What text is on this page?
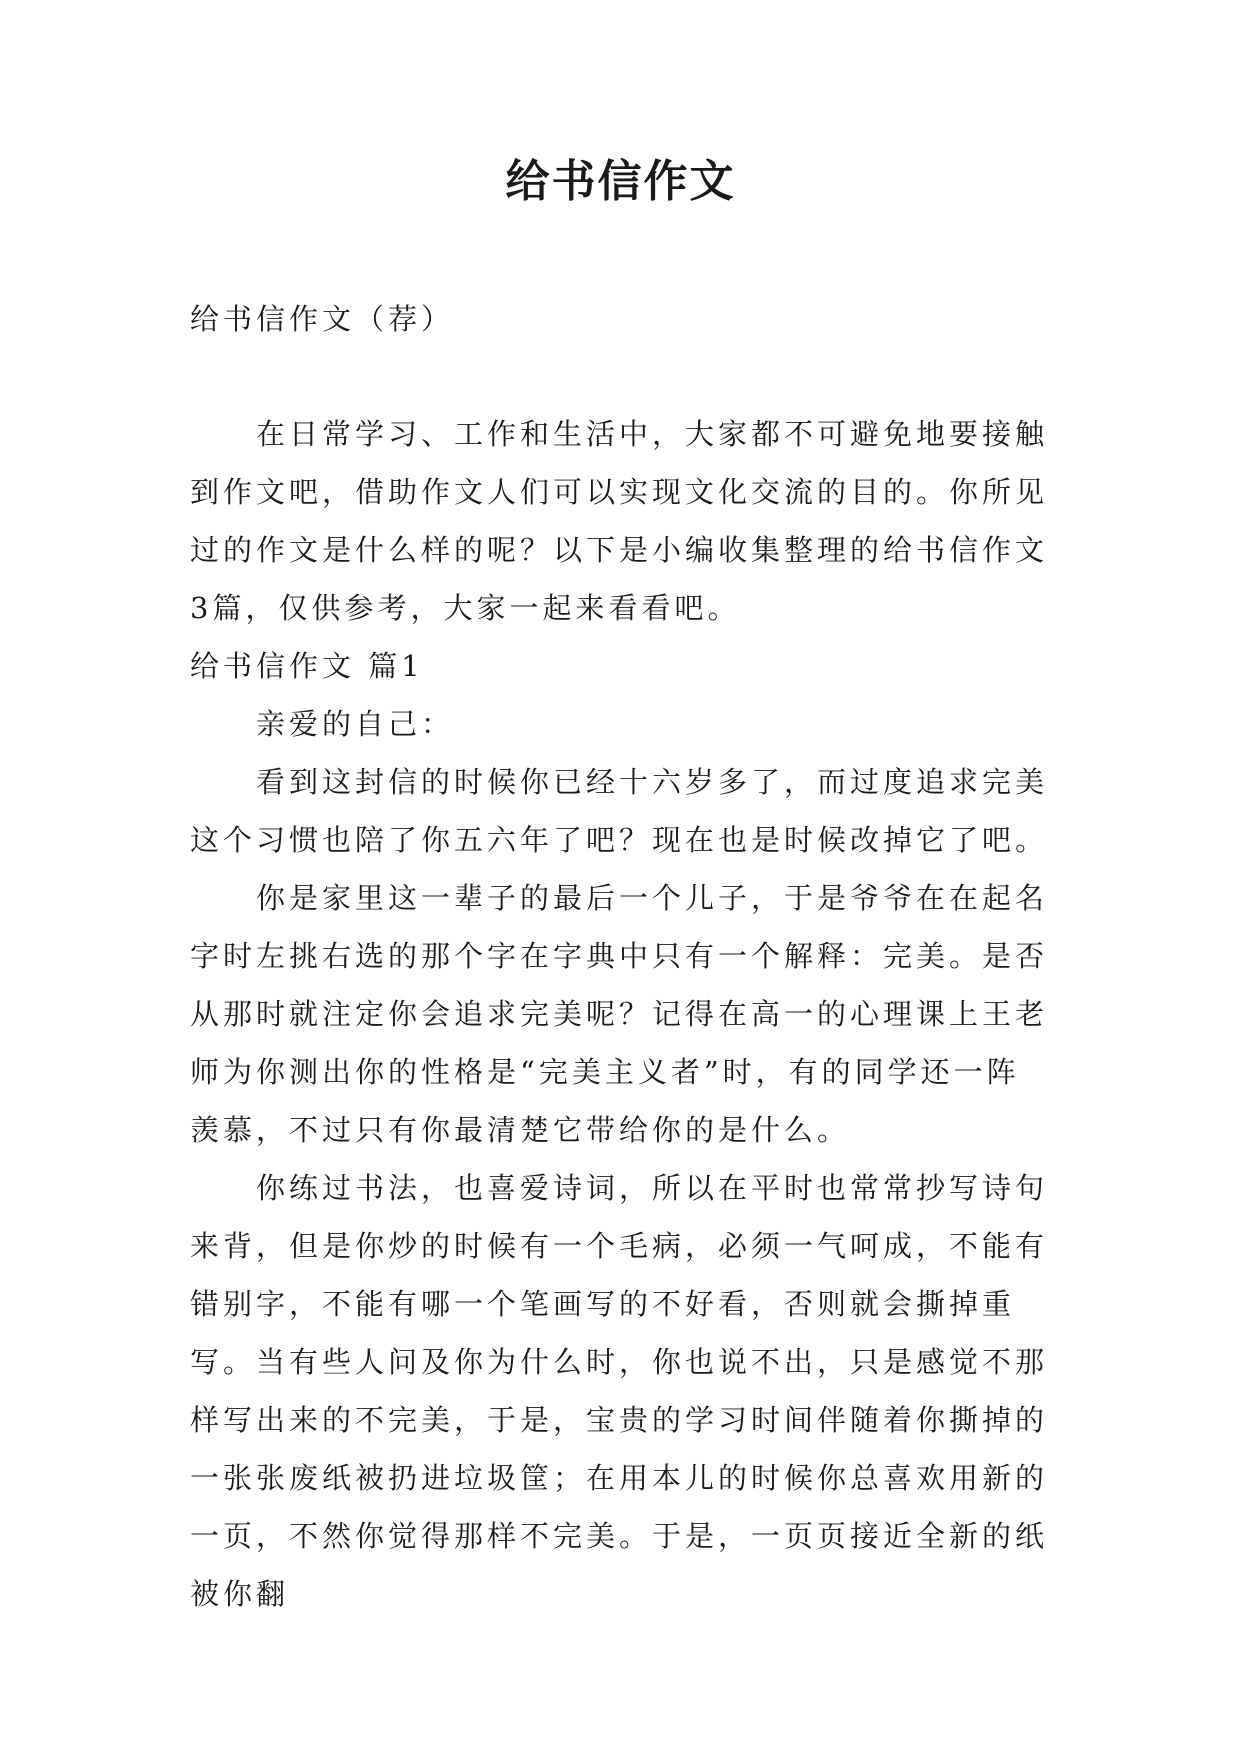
给书信作文
给书信作文（荐）

在日常学习、工作和生活中，大家都不可避免地要接触到作文吧，借助作文人们可以实现文化交流的目的。你所见过的作文是什么样的呢？以下是小编收集整理的给书信作文3篇，仅供参考，大家一起来看看吧。

给书信作文 篇1

亲爱的自己：

看到这封信的时候你已经十六岁多了，而过度追求完美这个习惯也陪了你五六年了吧？现在也是时候改掉它了吧。

你是家里这一辈子的最后一个儿子，于是爷爷在在起名字时左挑右选的那个字在字典中只有一个解释：完美。是否从那时就注定你会追求完美呢？记得在高一的心理课上王老师为你测出你的性格是“完美主义者”时，有的同学还一阵羡慕，不过只有你最清楚它带给你的是什么。

你练过书法，也喜爱诗词，所以在平时也常常抄写诗句来背，但是你炒的时候有一个毛病，必须一气呵成，不能有错别字，不能有哪一个笔画写的不好看，否则就会撕掉重写。当有些人问及你为什么时，你也说不出，只是感觉不那样写出来的不完美，于是，宝贵的学习时间伴随着你撕掉的一张张废纸被扔进垃圾筐；在用本儿的时候你总喜欢用新的一页，不然你觉得那样不完美。于是，一页页接近全新的纸被你翻
